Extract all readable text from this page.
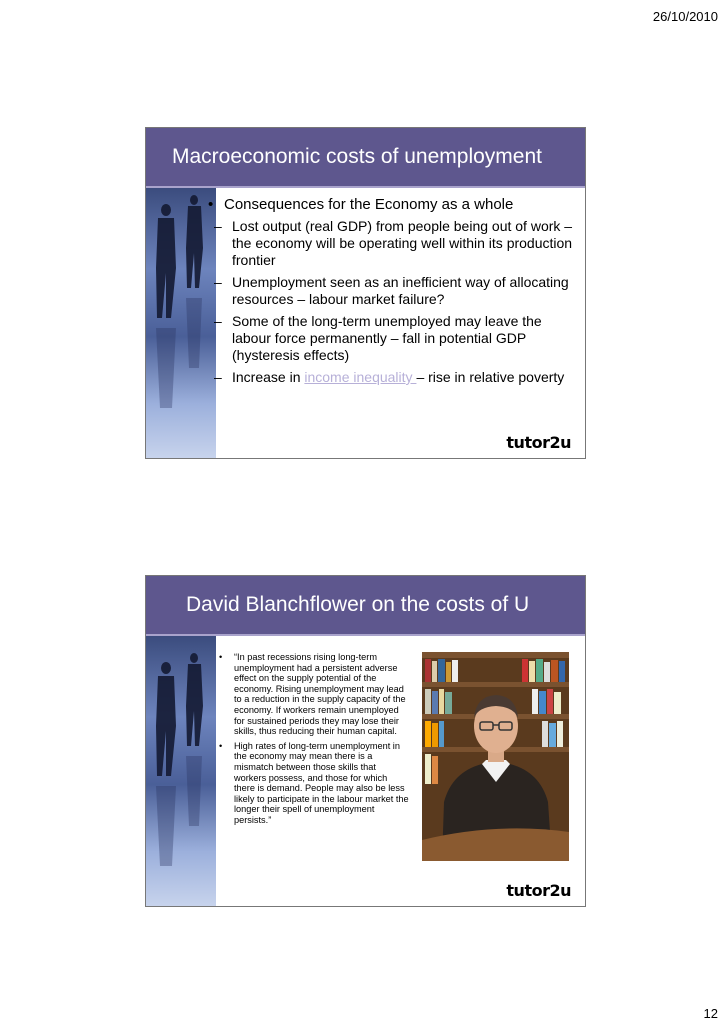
26/10/2010
Macroeconomic costs of unemployment
• Consequences for the Economy as a whole
– Lost output (real GDP) from people being out of work – the economy will be operating well within its production frontier
– Unemployment seen as an inefficient way of allocating resources – labour market failure?
– Some of the long-term unemployed may leave the labour force permanently – fall in potential GDP (hysteresis effects)
– Increase in income inequality – rise in relative poverty
tutor2u
David Blanchflower on the costs of U
• “In past recessions rising long-term unemployment had a persistent adverse effect on the supply potential of the economy. Rising unemployment may lead to a reduction in the supply capacity of the economy. If workers remain unemployed for sustained periods they may lose their skills, thus reducing their human capital.
• High rates of long-term unemployment in the economy may mean there is a mismatch between those skills that workers possess, and those for which there is demand. People may also be less likely to participate in the labour market the longer their spell of unemployment persists.”
tutor2u
12
